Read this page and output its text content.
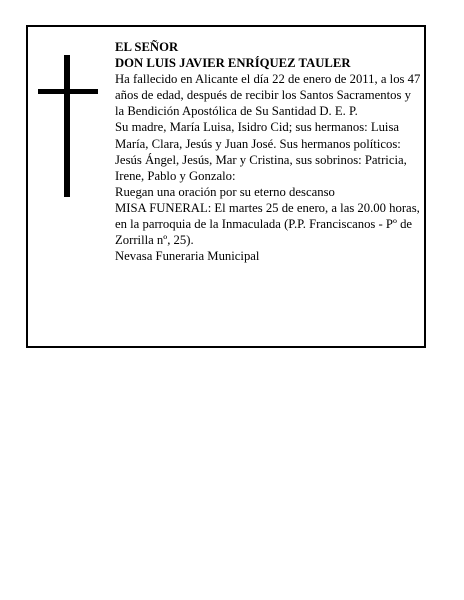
EL SEÑOR

DON LUIS JAVIER ENRÍQUEZ TAULER

Ha fallecido en Alicante el día 22 de enero de 2011, a los 47 años de edad, después de recibir los Santos Sacramentos y la Bendición Apostólica de Su Santidad D. E. P.

Su madre, María Luisa, Isidro Cid; sus hermanos: Luisa María, Clara, Jesús y Juan José. Sus hermanos políticos: Jesús Ángel, Jesús, Mar y Cristina, sus sobrinos: Patricia, Irene, Pablo y Gonzalo:

Ruegan una oración por su eterno descanso

MISA FUNERAL: El martes 25 de enero, a las 20.00 horas, en la parroquia de la Inmaculada (P.P. Franciscanos - Pº de Zorrilla nº, 25).

Nevasa Funeraria Municipal
